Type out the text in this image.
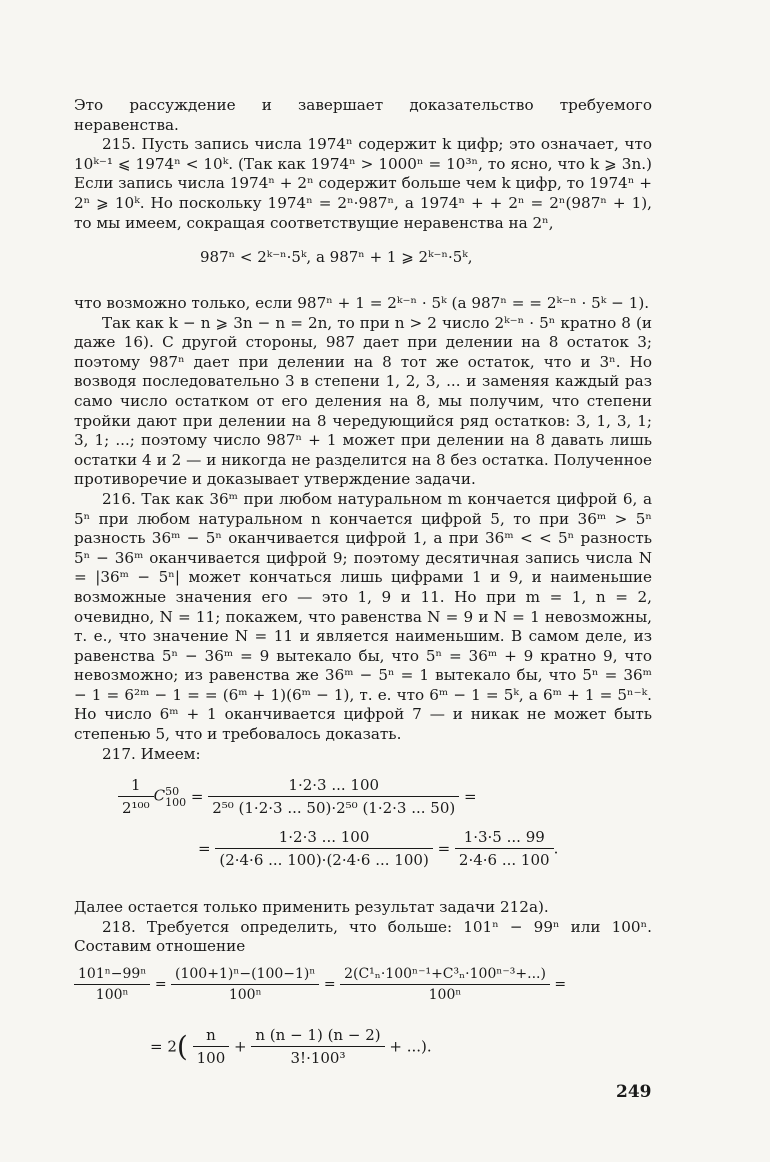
Это рассуждение и завершает доказательство требуемого неравенства.

215. Пусть запись числа 1974ⁿ содержит k цифр; это означает, что 10ᵏ⁻¹ ⩽ 1974ⁿ < 10ᵏ. (Так как 1974ⁿ > 1000ⁿ = 10³ⁿ, то ясно, что k ⩾ 3n.) Если запись числа 1974ⁿ + 2ⁿ содержит больше чем k цифр, то 1974ⁿ + 2ⁿ ⩾ 10ᵏ. Но поскольку 1974ⁿ = 2ⁿ·987ⁿ, а 1974ⁿ + + 2ⁿ = 2ⁿ(987ⁿ + 1), то мы имеем, сокращая соответствущие неравенства на 2ⁿ,

987ⁿ < 2ᵏ⁻ⁿ·5ᵏ, а 987ⁿ + 1 ⩾ 2ᵏ⁻ⁿ·5ᵏ,

что возможно только, если 987ⁿ + 1 = 2ᵏ⁻ⁿ · 5ᵏ (а 987ⁿ = = 2ᵏ⁻ⁿ · 5ᵏ − 1).

Так как k − n ⩾ 3n − n = 2n, то при n > 2 число 2ᵏ⁻ⁿ · 5ⁿ кратно 8 (и даже 16). С другой стороны, 987 дает при делении на 8 остаток 3; поэтому 987ⁿ дает при делении на 8 тот же остаток, что и 3ⁿ. Но возводя последовательно 3 в степени 1, 2, 3, ... и заменяя каждый раз само число остатком от его деления на 8, мы получим, что степени тройки дают при делении на 8 чередующийся ряд остатков: 3, 1, 3, 1; 3, 1; ...; поэтому число 987ⁿ + 1 может при делении на 8 давать лишь остатки 4 и 2 — и никогда не разделится на 8 без остатка. Полученное противоречие и доказывает утверждение задачи.

216. Так как 36ᵐ при любом натуральном m кончается цифрой 6, а 5ⁿ при любом натуральном n кончается цифрой 5, то при 36ᵐ > 5ⁿ разность 36ᵐ − 5ⁿ оканчивается цифрой 1, а при 36ᵐ < < 5ⁿ разность 5ⁿ − 36ᵐ оканчивается цифрой 9; поэтому десятичная запись числа N = |36ᵐ − 5ⁿ| может кончаться лишь цифрами 1 и 9, и наименьшие возможные значения его — это 1, 9 и 11. Но при m = 1, n = 2, очевидно, N = 11; покажем, что равенства N = 9 и N = 1 невозможны, т. е., что значение N = 11 и является наименьшим. В самом деле, из равенства 5ⁿ − 36ᵐ = 9 вытекало бы, что 5ⁿ = 36ᵐ + 9 кратно 9, что невозможно; из равенства же 36ᵐ − 5ⁿ = 1 вытекало бы, что 5ⁿ = 36ᵐ − 1 = 6²ᵐ − 1 = = (6ᵐ + 1)(6ᵐ − 1), т. е. что 6ᵐ − 1 = 5ᵏ, а 6ᵐ + 1 = 5ⁿ⁻ᵏ. Но число 6ᵐ + 1 оканчивается цифрой 7 — и никак не может быть степенью 5, что и требовалось доказать.

217. Имеем:

$\frac{1}{\text{2¹⁰⁰}}$ C 50
$100 = \frac{1\cdot 2\cdot 3 ... 100}{\text{2⁵⁰ (1·2·3 ... 50)·2⁵⁰ (1·2·3 ... 50)}}$ =
= $\frac{1\cdot 2\cdot 3 ... 100}{(2\cdot 4\cdot 6 ... 100)\cdot(2\cdot 4\cdot 6 ... 100)} = \frac{1\cdot 3\cdot 5 ... 99}{2\cdot 4\cdot 6 ... 100}$ .

Далее остается только применить результат задачи 212а).

218. Требуется определить, что больше: 101ⁿ − 99ⁿ или 100ⁿ. Составим отношение

$\frac{\text{101ⁿ−99ⁿ}}{\text{100ⁿ}} = \frac{\text{(100+1)ⁿ−(100−1)ⁿ}}{\text{100ⁿ}} = \frac{\text{2(C¹ₙ·100ⁿ⁻¹+C³ₙ·100ⁿ⁻³+...)}}{\text{100ⁿ}}$ =
= $2( \frac{n}{100} + \frac{n (n - 1) (n - 2)}{\text{3!·100³}}$ + ...).
249
